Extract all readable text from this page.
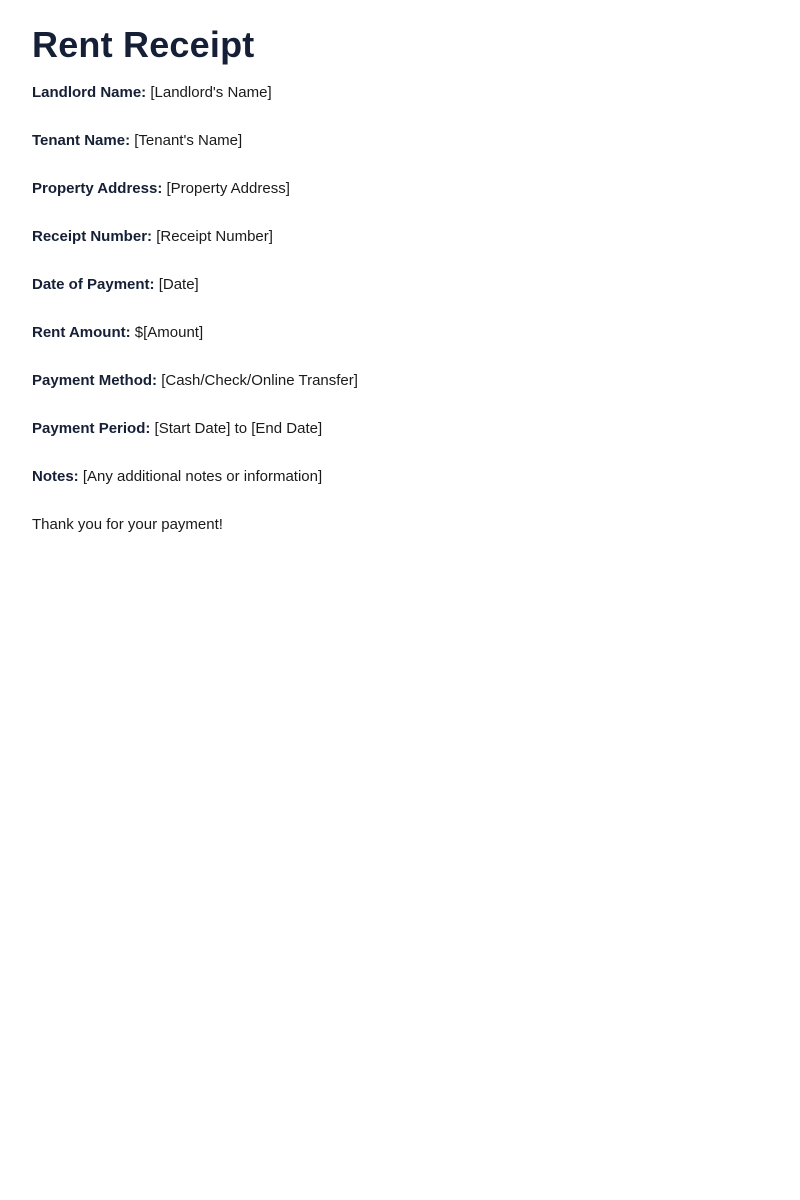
Rent Receipt

Landlord Name: [Landlord's Name]

Tenant Name: [Tenant's Name]

Property Address: [Property Address]

Receipt Number: [Receipt Number]

Date of Payment: [Date]

Rent Amount: $[Amount]

Payment Method: [Cash/Check/Online Transfer]

Payment Period: [Start Date] to [End Date]

Notes: [Any additional notes or information]

Thank you for your payment!
